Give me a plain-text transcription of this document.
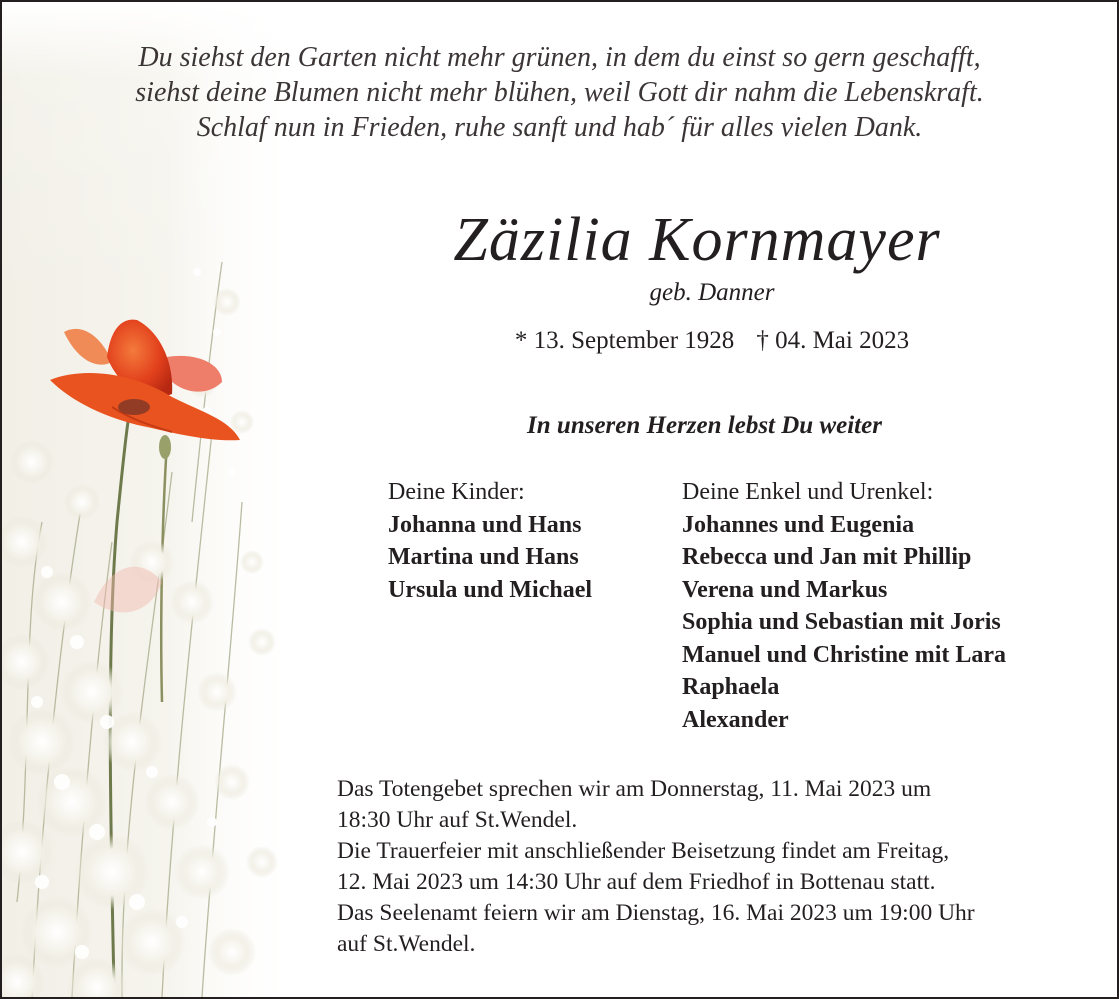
Du siehst den Garten nicht mehr grünen, in dem du einst so gern geschafft,
siehst deine Blumen nicht mehr blühen, weil Gott dir nahm die Lebenskraft.
Schlaf nun in Frieden, ruhe sanft und hab´ für alles vielen Dank.
Zäzilia Kornmayer
geb. Danner
* 13. September 1928 † 04. Mai 2023
In unseren Herzen lebst Du weiter
Deine Kinder:
Johanna und Hans
Martina und Hans
Ursula und Michael
Deine Enkel und Urenkel:
Johannes und Eugenia
Rebecca und Jan mit Phillip
Verena und Markus
Sophia und Sebastian mit Joris
Manuel und Christine mit Lara
Raphaela
Alexander
Das Totengebet sprechen wir am Donnerstag, 11. Mai 2023 um
18:30 Uhr auf St.Wendel.
Die Trauerfeier mit anschließender Beisetzung findet am Freitag,
12. Mai 2023 um 14:30 Uhr auf dem Friedhof in Bottenau statt.
Das Seelenamt feiern wir am Dienstag, 16. Mai 2023 um 19:00 Uhr
auf St.Wendel.
